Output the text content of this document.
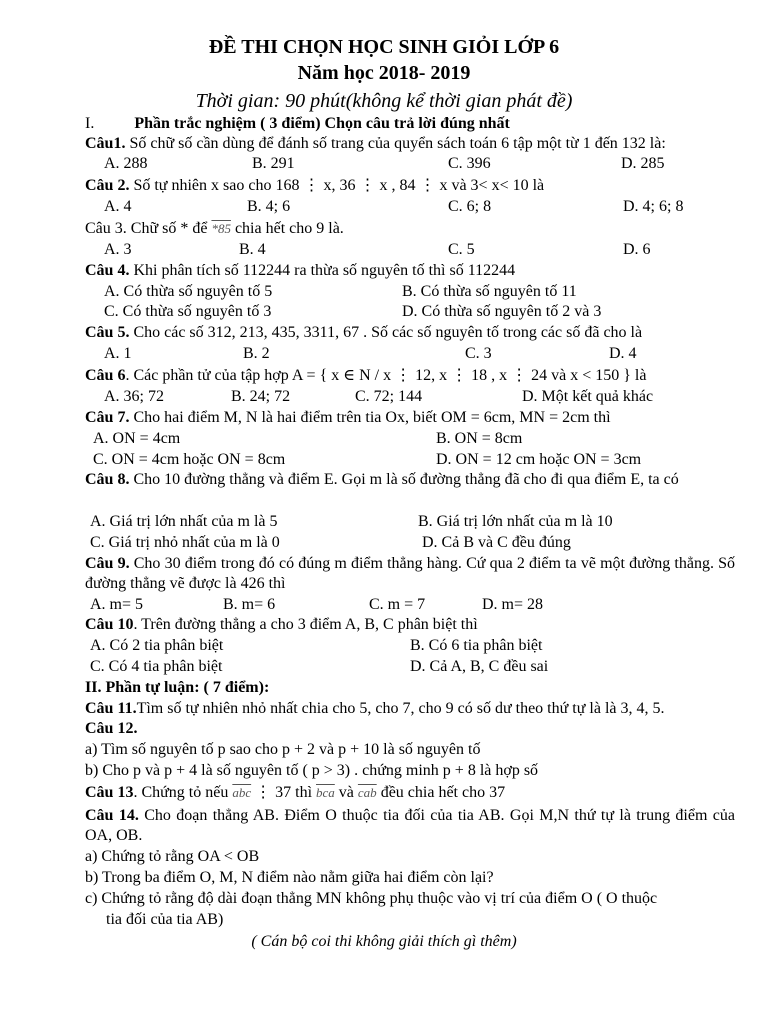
ĐỀ THI CHỌN HỌC SINH GIỎI LỚP 6
Năm học 2018- 2019
Thời gian: 90 phút(không kể thời gian phát đề)
I.	Phần trắc nghiệm ( 3 điểm) Chọn câu trả lời đúng nhất
Câu1. Số chữ số cần dùng để đánh số trang của quyển sách toán 6 tập một từ 1 đến 132 là:
A. 288	B. 291	C. 396	D. 285
Câu 2. Số tự nhiên x sao cho 168 ⋮ x, 36 ⋮ x , 84 ⋮ x và 3< x< 10 là
A. 4	B. 4; 6	C. 6; 8	D. 4; 6; 8
Câu 3. Chữ số * để *85 chia hết cho 9 là.
A. 3	B. 4	C. 5	D. 6
Câu 4. Khi phân tích số 112244 ra thừa số nguyên tố thì số 112244
A. Có thừa số nguyên tố 5	B. Có thừa số nguyên tố 11
C. Có thừa số nguyên tố 3	D. Có thừa số nguyên tố 2 và 3
Câu 5. Cho các số 312, 213, 435, 3311, 67 . Số các số nguyên tố trong các số đã cho là
A. 1	B. 2	C. 3	D. 4
Câu 6. Các phần tử của tập hợp A = { x ∈ N / x ⋮ 12, x ⋮ 18 , x ⋮ 24 và x < 150 } là
A. 36; 72	B. 24; 72	C. 72; 144	D. Một kết quả khác
Câu 7. Cho hai điểm M, N là hai điểm trên tia Ox, biết OM = 6cm, MN = 2cm thì
A. ON = 4cm	B. ON = 8cm
C. ON = 4cm hoặc ON = 8cm	D. ON = 12 cm hoặc ON = 3cm
Câu 8. Cho 10 đường thẳng và điểm E. Gọi m là số đường thẳng đã cho đi qua điểm E, ta có
A. Giá trị lớn nhất của m là 5	B. Giá trị lớn nhất của m là 10
C. Giá trị nhỏ nhất của m là 0	D. Cả B và C đều đúng
Câu 9. Cho 30 điểm trong đó có đúng m điểm thẳng hàng. Cứ qua 2 điểm ta vẽ một đường thẳng. Số đường thẳng vẽ được là 426 thì
A. m= 5	B. m= 6	C. m = 7	D. m= 28
Câu 10. Trên đường thẳng a cho 3 điểm A, B, C phân biệt thì
A. Có 2 tia phân biệt	B. Có 6 tia phân biệt
C. Có 4 tia phân biệt	D. Cả A, B, C đều sai
II. Phần tự luận: ( 7 điểm):
Câu 11.Tìm số tự nhiên nhỏ nhất chia cho 5, cho 7, cho 9 có số dư theo thứ tự là là 3, 4, 5.
Câu 12.
a) Tìm số nguyên tố p sao cho p + 2 và p + 10 là số nguyên tố
b) Cho p và p + 4 là số nguyên tố ( p > 3) . chứng minh p + 8 là hợp số
Câu 13. Chứng tỏ nếu $\overline{abc}$ ⋮ 37 thì $\overline{bca}$ và $\overline{cab}$ đều chia hết cho 37
Câu 14. Cho đoạn thẳng AB. Điểm O thuộc tia đối của tia AB. Gọi M,N thứ tự là trung điểm của OA, OB.
a) Chứng tỏ rằng OA < OB
b) Trong ba điểm O, M, N điểm nào nằm giữa hai điểm còn lại?
c) Chứng tỏ rằng độ dài đoạn thẳng MN không phụ thuộc vào vị trí của điểm O ( O thuộc
tia đối của tia AB)
( Cán bộ coi thi không giải thích gì thêm)
